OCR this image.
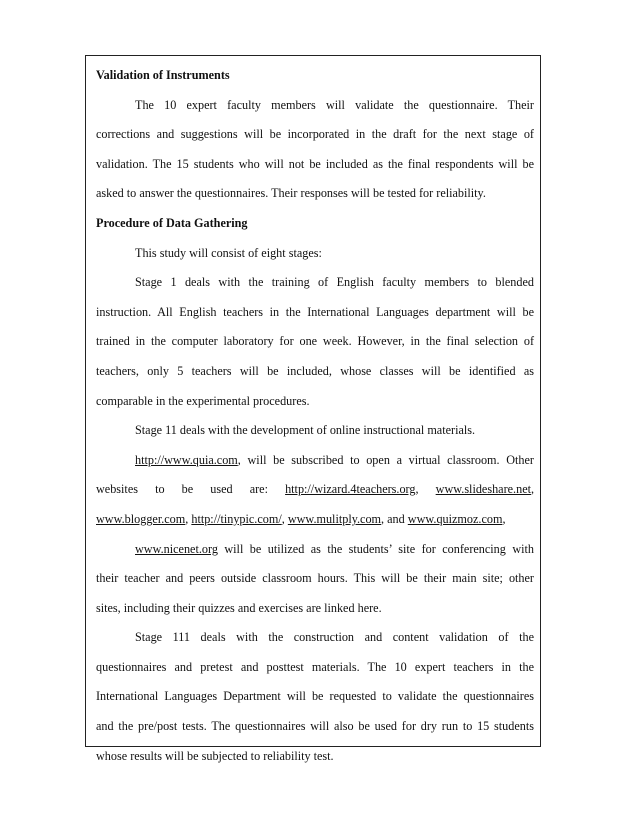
Validation of Instruments
The 10 expert faculty members will validate the questionnaire. Their
corrections and suggestions will be incorporated in the draft for the next stage of
validation. The 15 students who will not be included as the final respondents will be
asked to answer the questionnaires. Their responses will be tested for reliability.
Procedure of Data Gathering
This study will consist of eight stages:
Stage 1 deals with the training of English faculty members to blended
instruction. All English teachers in the International Languages department will be
trained in the computer laboratory for one week. However, in the final selection of
teachers, only 5 teachers will be included, whose classes will be identified as
comparable in the experimental procedures.
Stage 11 deals with the development of online instructional materials.
http://www.quia.com, will be subscribed to open a virtual classroom. Other
websites to be used are: http://wizard.4teachers.org, www.slideshare.net,
www.blogger.com, http://tinypic.com/, www.mulitply.com, and www.quizmoz.com,
www.nicenet.org will be utilized as the students’ site for conferencing with
their teacher and peers outside classroom hours. This will be their main site; other
sites, including their quizzes and exercises are linked here.
Stage 111 deals with the construction and content validation of the
questionnaires and pretest and posttest materials. The 10 expert teachers in the
International Languages Department will be requested to validate the questionnaires
and the pre/post tests. The questionnaires will also be used for dry run to 15 students
whose results will be subjected to reliability test.
